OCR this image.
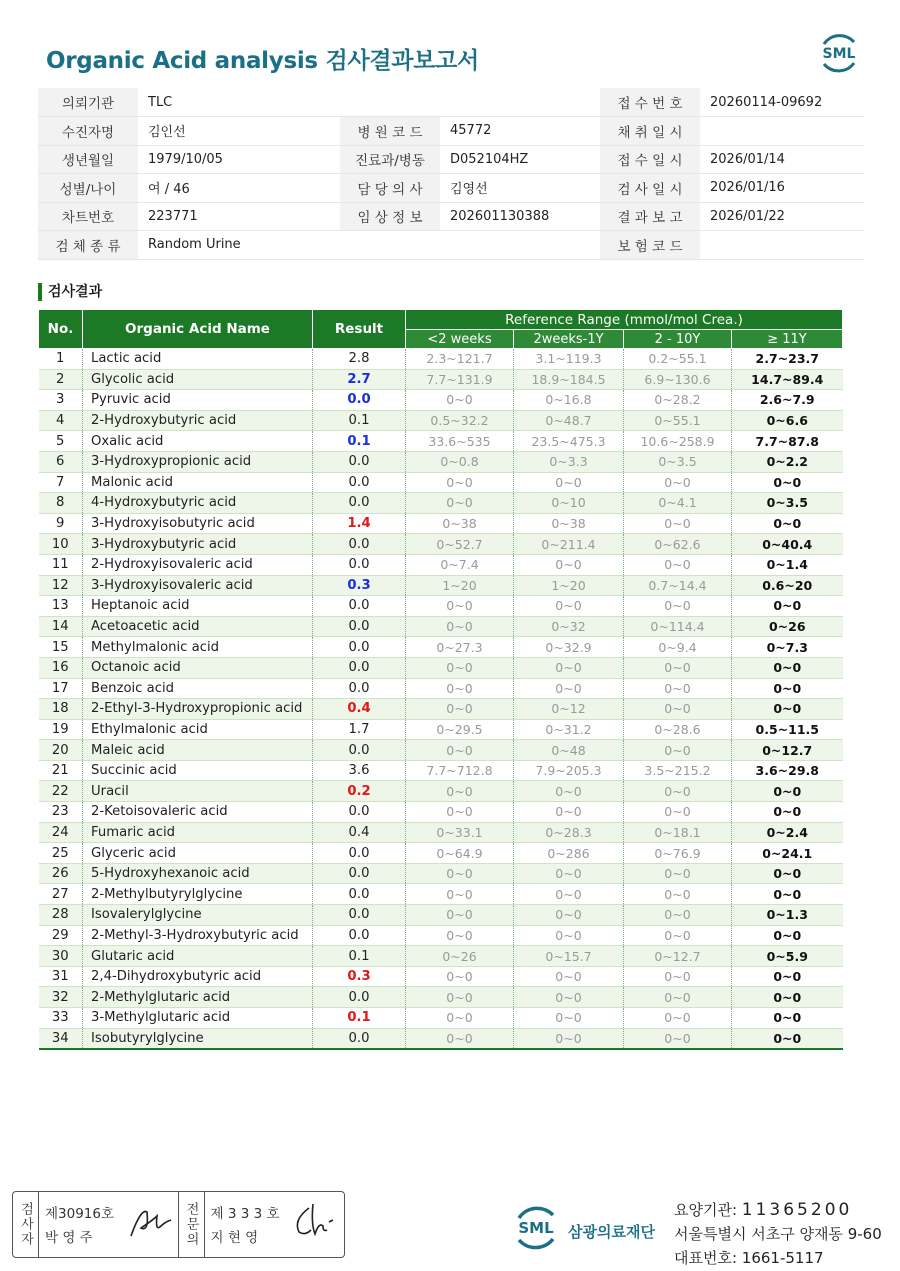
Organic Acid analysis 검사결과보고서	SML
의뢰기관	TLC			접 수 번 호	20260114-09692
수진자명	김인선	병 원 코 드	45772	채 취 일 시	
생년월일	1979/10/05	진료과/병동	D052104HZ	접 수 일 시	2026/01/14
성별/나이	여 / 46	담 당 의 사	김영선	검 사 일 시	2026/01/16
차트번호	223771	임 상 정 보	202601130388	결 과 보 고	2026/01/22
검 체 종 류	Random Urine			보 험 코 드	
검사결과
No.	Organic Acid Name	Result	Reference Range (mmol/mol Crea.)			
			<2 weeks	2weeks-1Y	2 - 10Y	≥ 11Y
1	Lactic acid	2.8	2.3~121.7	3.1~119.3	0.2~55.1	2.7~23.7
2	Glycolic acid	2.7	7.7~131.9	18.9~184.5	6.9~130.6	14.7~89.4
3	Pyruvic acid	0.0	0~0	0~16.8	0~28.2	2.6~7.9
4	2-Hydroxybutyric acid	0.1	0.5~32.2	0~48.7	0~55.1	0~6.6
5	Oxalic acid	0.1	33.6~535	23.5~475.3	10.6~258.9	7.7~87.8
6	3-Hydroxypropionic acid	0.0	0~0.8	0~3.3	0~3.5	0~2.2
7	Malonic acid	0.0	0~0	0~0	0~0	0~0
8	4-Hydroxybutyric acid	0.0	0~0	0~10	0~4.1	0~3.5
9	3-Hydroxyisobutyric acid	1.4	0~38	0~38	0~0	0~0
10	3-Hydroxybutyric acid	0.0	0~52.7	0~211.4	0~62.6	0~40.4
11	2-Hydroxyisovaleric acid	0.0	0~7.4	0~0	0~0	0~1.4
12	3-Hydroxyisovaleric acid	0.3	1~20	1~20	0.7~14.4	0.6~20
13	Heptanoic acid	0.0	0~0	0~0	0~0	0~0
14	Acetoacetic acid	0.0	0~0	0~32	0~114.4	0~26
15	Methylmalonic acid	0.0	0~27.3	0~32.9	0~9.4	0~7.3
16	Octanoic acid	0.0	0~0	0~0	0~0	0~0
17	Benzoic acid	0.0	0~0	0~0	0~0	0~0
18	2-Ethyl-3-Hydroxypropionic acid	0.4	0~0	0~12	0~0	0~0
19	Ethylmalonic acid	1.7	0~29.5	0~31.2	0~28.6	0.5~11.5
20	Maleic acid	0.0	0~0	0~48	0~0	0~12.7
21	Succinic acid	3.6	7.7~712.8	7.9~205.3	3.5~215.2	3.6~29.8
22	Uracil	0.2	0~0	0~0	0~0	0~0
23	2-Ketoisovaleric acid	0.0	0~0	0~0	0~0	0~0
24	Fumaric acid	0.4	0~33.1	0~28.3	0~18.1	0~2.4
25	Glyceric acid	0.0	0~64.9	0~286	0~76.9	0~24.1
26	5-Hydroxyhexanoic acid	0.0	0~0	0~0	0~0	0~0
27	2-Methylbutyrylglycine	0.0	0~0	0~0	0~0	0~0
28	Isovalerylglycine	0.0	0~0	0~0	0~0	0~1.3
29	2-Methyl-3-Hydroxybutyric acid	0.0	0~0	0~0	0~0	0~0
30	Glutaric acid	0.1	0~26	0~15.7	0~12.7	0~5.9
31	2,4-Dihydroxybutyric acid	0.3	0~0	0~0	0~0	0~0
32	2-Methylglutaric acid	0.0	0~0	0~0	0~0	0~0
33	3-Methylglutaric acid	0.1	0~0	0~0	0~0	0~0
34	Isobutyrylglycine	0.0	0~0	0~0	0~0	0~0
검사자 제30916호
박 영 주	전문의 제 3 3 3 호
지 현 영
SML 삼광의료재단
요양기관: 11365200
서울특별시 서초구 양재동 9-60
대표번호: 1661-5117
